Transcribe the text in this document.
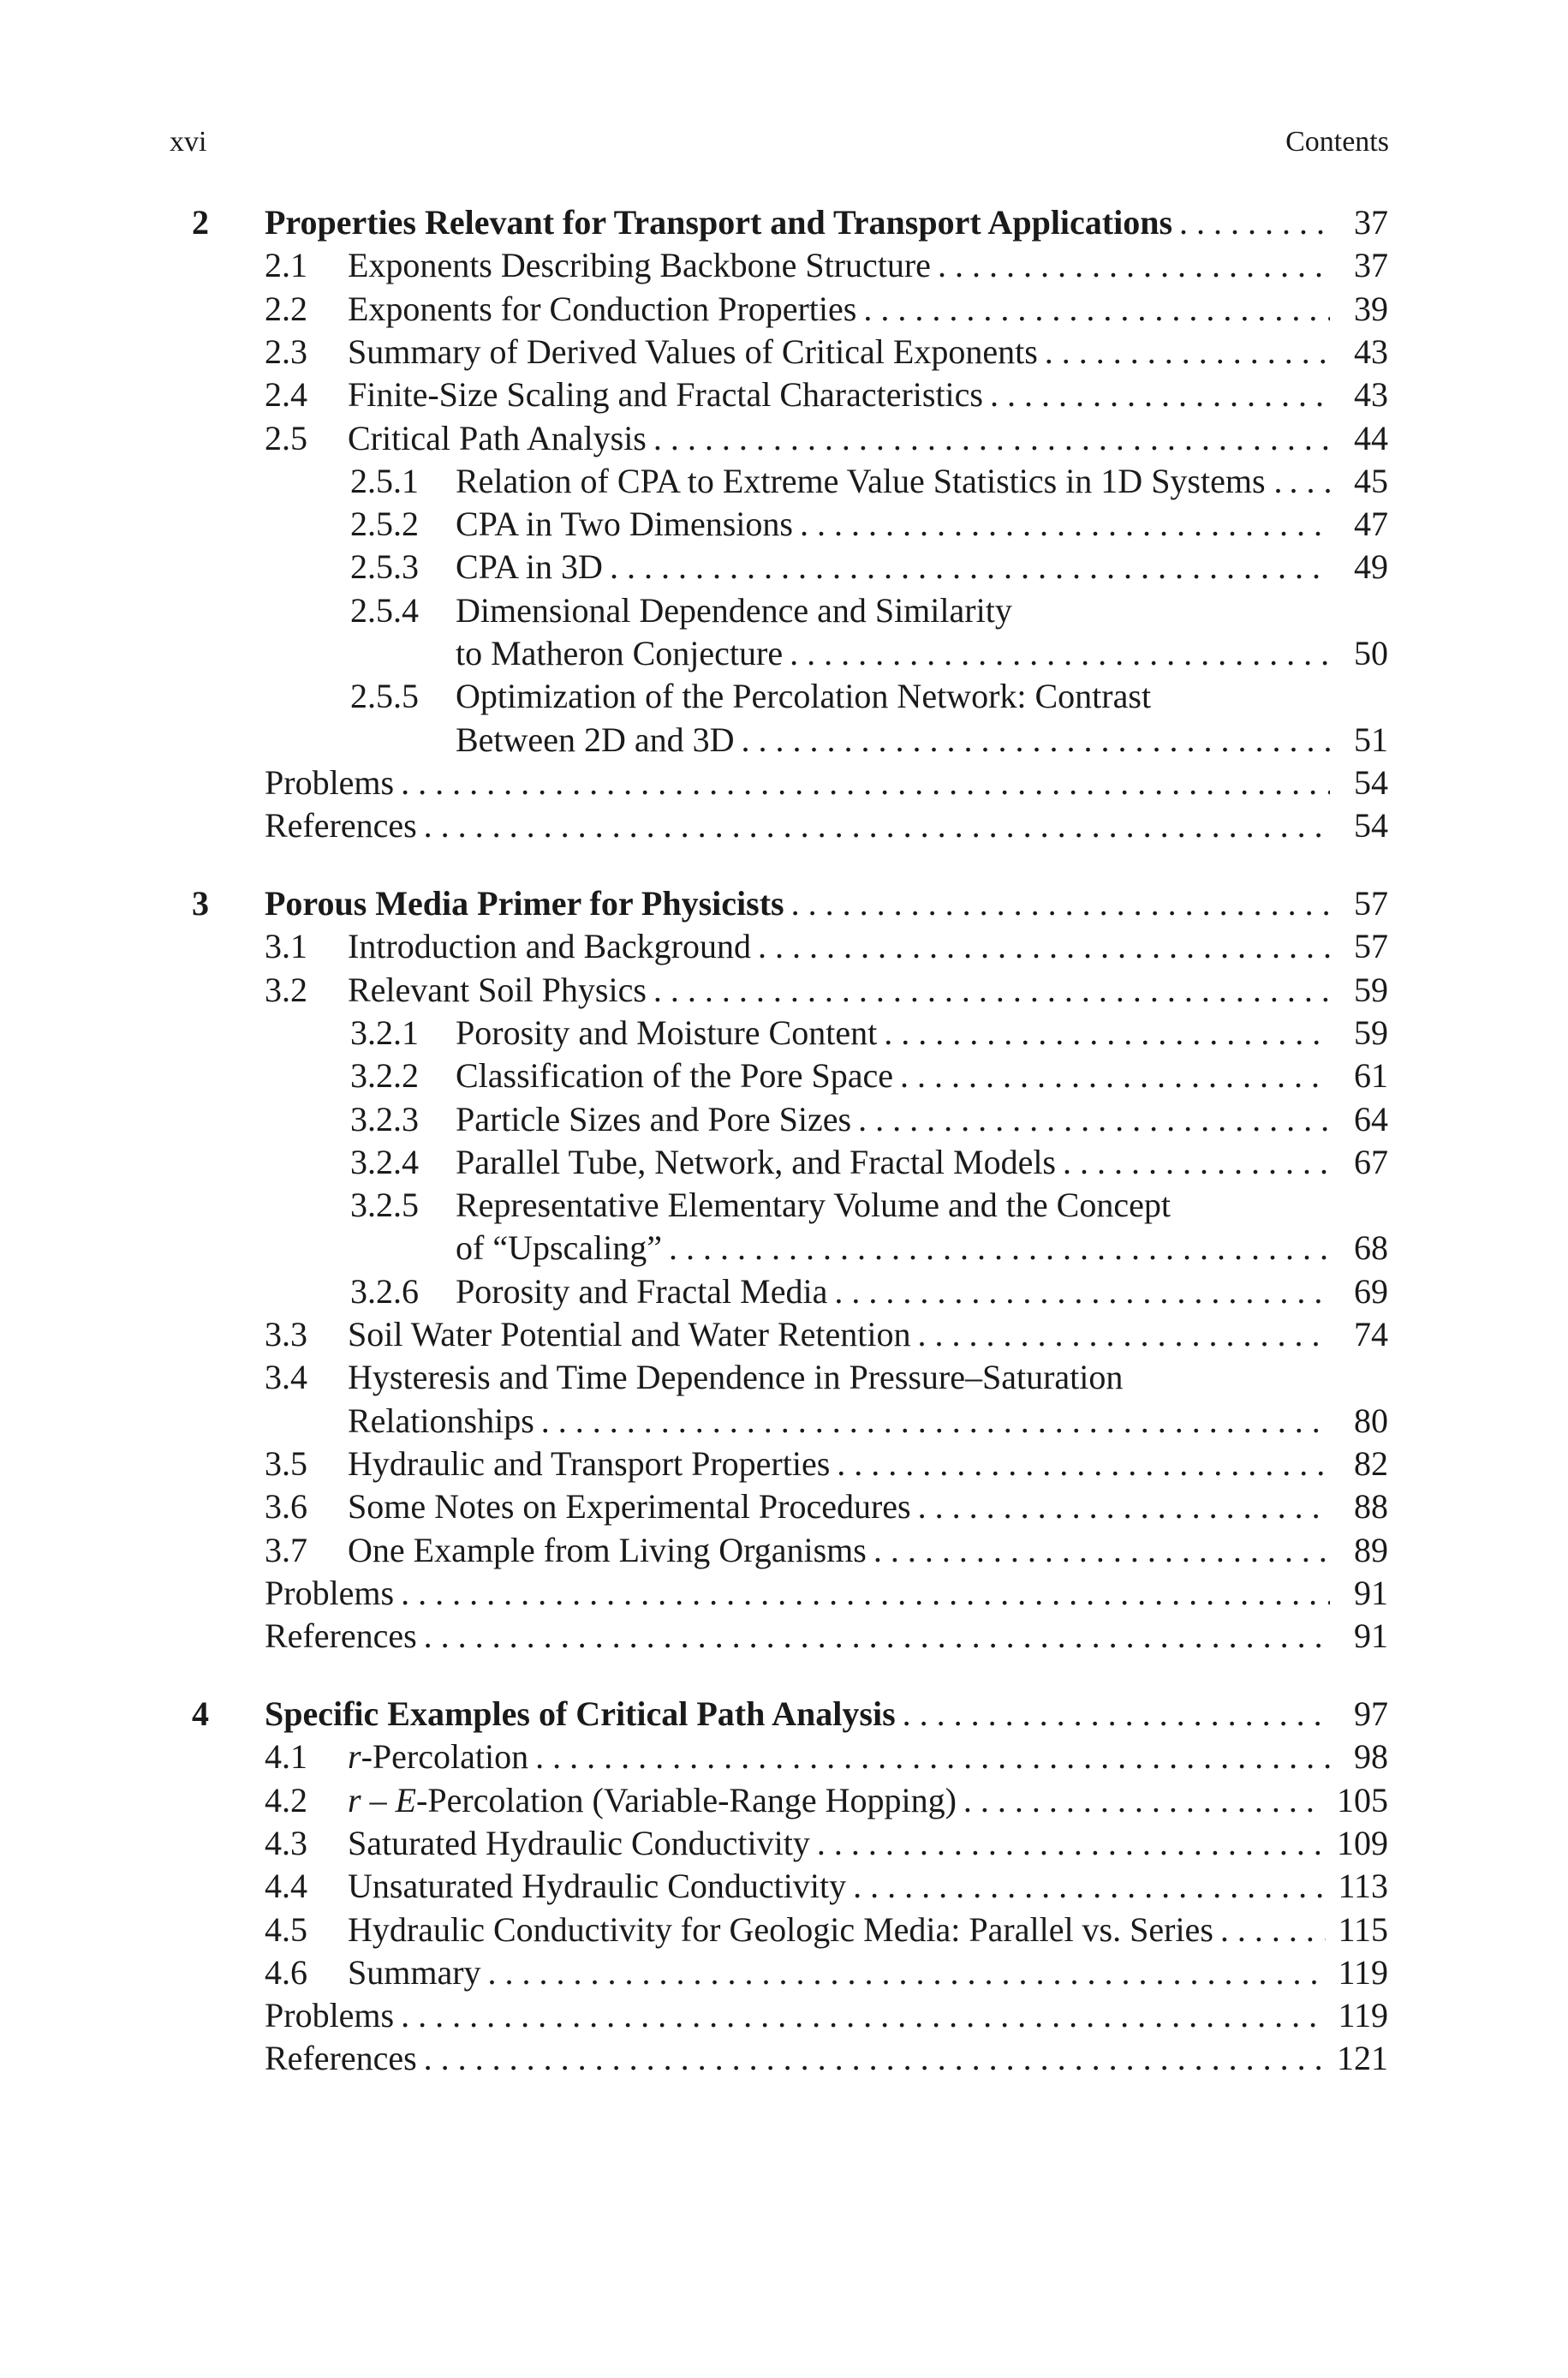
xvi	Contents
2 Properties Relevant for Transport and Transport Applications . . .	37
2.1 Exponents Describing Backbone Structure . . .	37
2.2 Exponents for Conduction Properties . . .	39
2.3 Summary of Derived Values of Critical Exponents . . .	43
2.4 Finite-Size Scaling and Fractal Characteristics . . .	43
2.5 Critical Path Analysis . . .	44
2.5.1 Relation of CPA to Extreme Value Statistics in 1D Systems . . . .	45
2.5.2 CPA in Two Dimensions . . .	47
2.5.3 CPA in 3D . . .	49
2.5.4 Dimensional Dependence and Similarity
to Matheron Conjecture . . .	50
2.5.5 Optimization of the Percolation Network: Contrast
Between 2D and 3D . . .	51
Problems . . .	54
References . . .	54
3 Porous Media Primer for Physicists . . .	57
3.1 Introduction and Background . . .	57
3.2 Relevant Soil Physics . . .	59
3.2.1 Porosity and Moisture Content . . .	59
3.2.2 Classification of the Pore Space . . .	61
3.2.3 Particle Sizes and Pore Sizes . . .	64
3.2.4 Parallel Tube, Network, and Fractal Models . . .	67
3.2.5 Representative Elementary Volume and the Concept
of “Upscaling” . . .	68
3.2.6 Porosity and Fractal Media . . .	69
3.3 Soil Water Potential and Water Retention . . .	74
3.4 Hysteresis and Time Dependence in Pressure–Saturation
Relationships . . .	80
3.5 Hydraulic and Transport Properties . . .	82
3.6 Some Notes on Experimental Procedures . . .	88
3.7 One Example from Living Organisms . . .	89
Problems . . .	91
References . . .	91
4 Specific Examples of Critical Path Analysis . . .	97
4.1 r-Percolation . . .	98
4.2 r – E-Percolation (Variable-Range Hopping) . . .	105
4.3 Saturated Hydraulic Conductivity . . .	109
4.4 Unsaturated Hydraulic Conductivity . . .	113
4.5 Hydraulic Conductivity for Geologic Media: Parallel vs. Series . . .	115
4.6 Summary . . .	119
Problems . . .	119
References . . .	121
